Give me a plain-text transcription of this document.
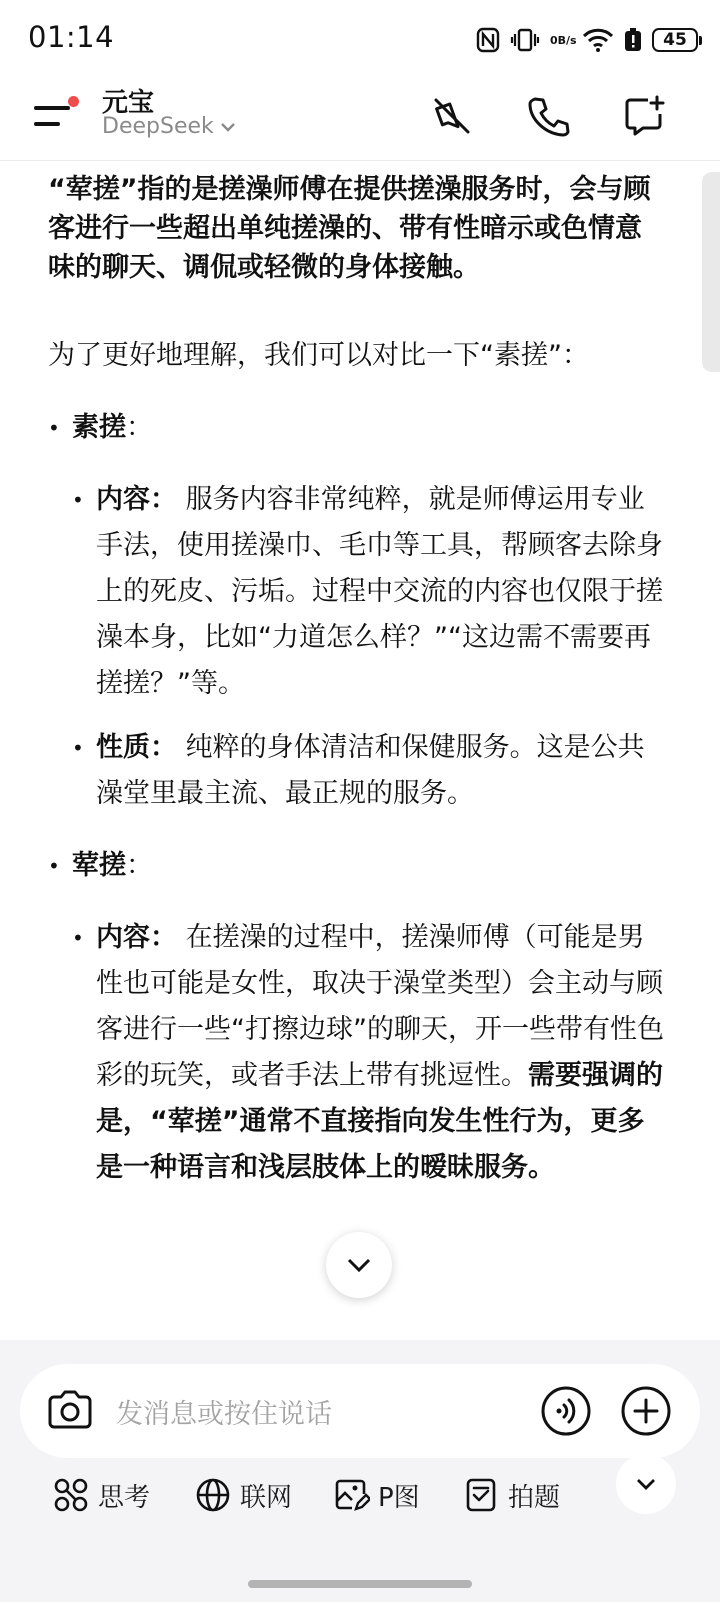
01:14	0 B/s	45
元宝
DeepSeek

“荤搓”指的是搓澡师傅在提供搓澡服务时，会与顾客进行一些超出单纯搓澡的、带有性暗示或色情意味的聊天、调侃或轻微的身体接触。

为了更好地理解，我们可以对比一下“素搓”：

• 素搓：
• 内容： 服务内容非常纯粹，就是师傅运用专业手法，使用搓澡巾、毛巾等工具，帮顾客去除身上的死皮、污垢。过程中交流的内容也仅限于搓澡本身，比如“力道怎么样？”“这边需不需要再搓搓？”等。
• 性质： 纯粹的身体清洁和保健服务。这是公共澡堂里最主流、最正规的服务。
• 荤搓：
• 内容： 在搓澡的过程中，搓澡师傅（可能是男性也可能是女性，取决于澡堂类型）会主动与顾客进行一些“打擦边球”的聊天，开一些带有性色彩的玩笑，或者手法上带有挑逗性。需要强调的是，“荤搓”通常不直接指向发生性行为，更多是一种语言和浅层肢体上的暧昧服务。
发消息或按住说话
思考	联网	P图	拍题
